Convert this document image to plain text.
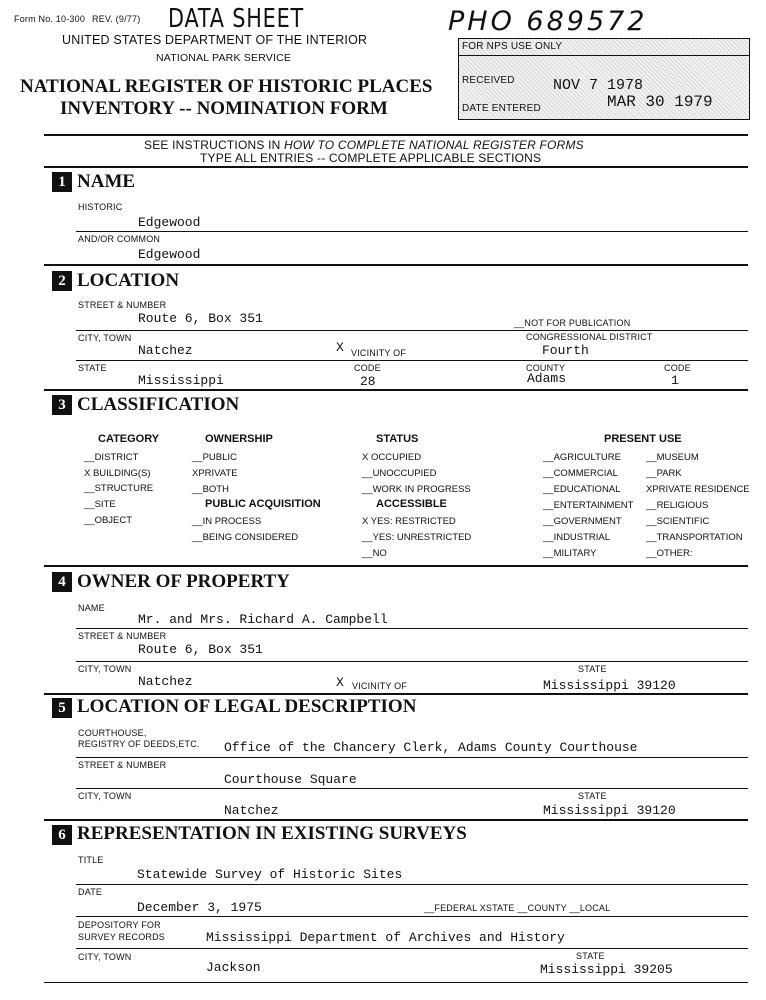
Form No. 10-300 REV. (9/77) DATA SHEET
UNITED STATES DEPARTMENT OF THE INTERIOR
NATIONAL PARK SERVICE
NATIONAL REGISTER OF HISTORIC PLACES
INVENTORY -- NOMINATION FORM
PHO 689572
FOR NPS USE ONLY
RECEIVED	NOV 7 1978
DATE ENTERED	MAR 30 1979
SEE INSTRUCTIONS IN HOW TO COMPLETE NATIONAL REGISTER FORMS
TYPE ALL ENTRIES -- COMPLETE APPLICABLE SECTIONS
1 NAME
HISTORIC
Edgewood
AND/OR COMMON
Edgewood
2 LOCATION
STREET & NUMBER
Route 6, Box 351	__NOT FOR PUBLICATION
CITY, TOWN	CONGRESSIONAL DISTRICT
Natchez	X VICINITY OF	Fourth
STATE	CODE	COUNTY	CODE
Mississippi	28	Adams	1
3 CLASSIFICATION
CATEGORY
__DISTRICT
X BUILDING(S)
__STRUCTURE
__SITE
__OBJECT
OWNERSHIP
__PUBLIC
XPRIVATE
__BOTH
PUBLIC ACQUISITION
__IN PROCESS
__BEING CONSIDERED
STATUS
X OCCUPIED
__UNOCCUPIED
__WORK IN PROGRESS
ACCESSIBLE
X YES: RESTRICTED
__YES: UNRESTRICTED
__NO
PRESENT USE
__AGRICULTURE
__COMMERCIAL
__EDUCATIONAL
__ENTERTAINMENT
__GOVERNMENT
__INDUSTRIAL
__MILITARY
__MUSEUM
__PARK
XPRIVATE RESIDENCE
__RELIGIOUS
__SCIENTIFIC
__TRANSPORTATION
__OTHER:
4 OWNER OF PROPERTY
NAME
Mr. and Mrs. Richard A. Campbell
STREET & NUMBER
Route 6, Box 351
CITY, TOWN	STATE
Natchez	X VICINITY OF	Mississippi 39120
5 LOCATION OF LEGAL DESCRIPTION
COURTHOUSE,
REGISTRY OF DEEDS,ETC. Office of the Chancery Clerk, Adams County Courthouse
STREET & NUMBER
Courthouse Square
CITY, TOWN	STATE
Natchez	Mississippi 39120
6 REPRESENTATION IN EXISTING SURVEYS
TITLE
Statewide Survey of Historic Sites
DATE
December 3, 1975	__FEDERAL XSTATE __COUNTY __LOCAL
DEPOSITORY FOR
SURVEY RECORDS	Mississippi Department of Archives and History
CITY, TOWN	STATE
Jackson	Mississippi 39205
